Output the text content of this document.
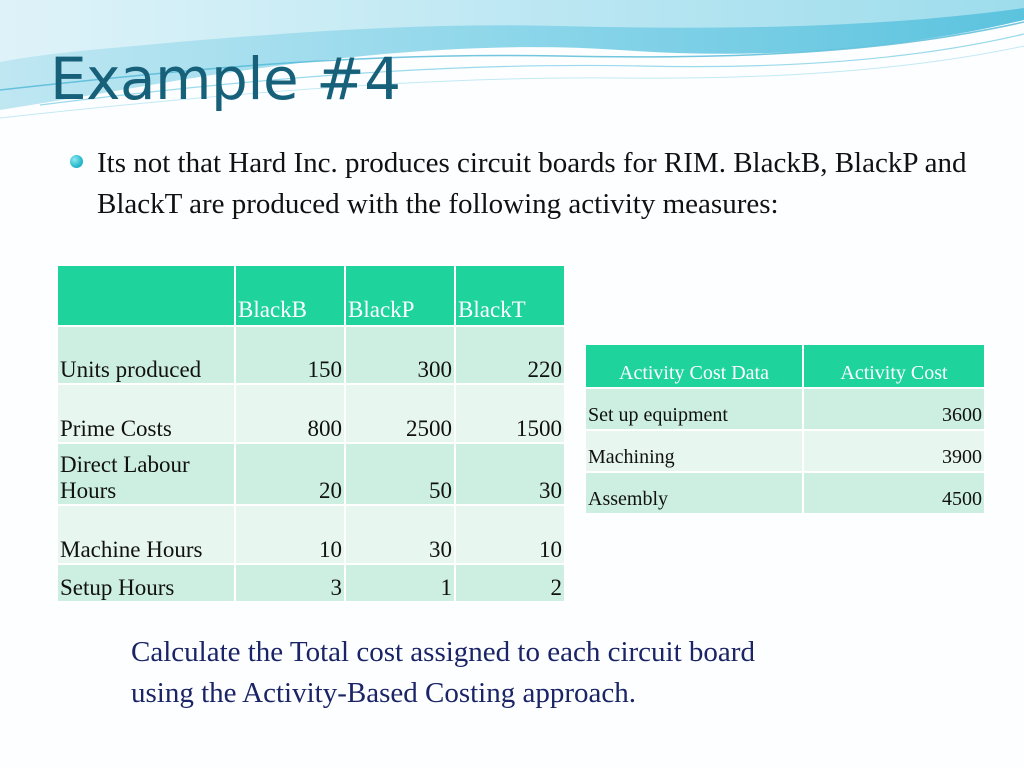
Example #4
Its not that Hard Inc. produces circuit boards for RIM. BlackB, BlackP and BlackT are produced with the following activity measures:
	BlackB	BlackP	BlackT
Units produced	150	300	220
Prime Costs	800	2500	1500
Direct Labour Hours	20	50	30
Machine Hours	10	30	10
Setup Hours	3	1	2
Activity Cost Data	Activity Cost
Set up equipment	3600
Machining	3900
Assembly	4500
Calculate the Total cost assigned to each circuit board
using the Activity-Based Costing approach.
